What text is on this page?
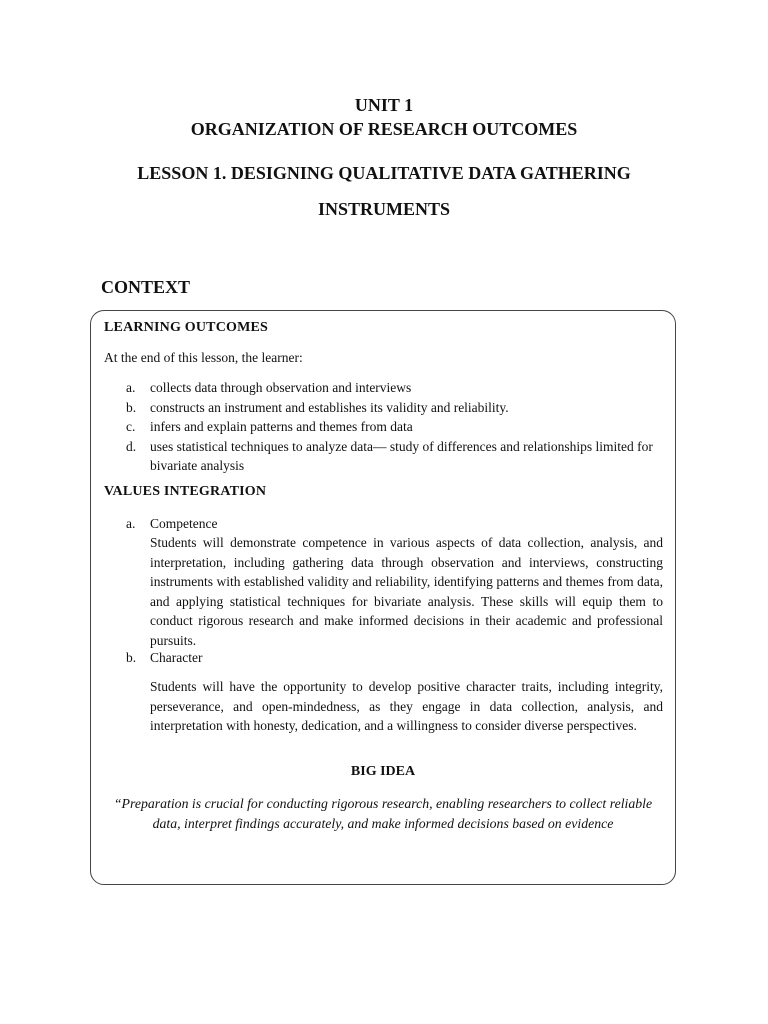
UNIT 1
ORGANIZATION OF RESEARCH OUTCOMES
LESSON 1. DESIGNING QUALITATIVE DATA GATHERING
INSTRUMENTS
CONTEXT
LEARNING OUTCOMES

At the end of this lesson, the learner:

a.	collects data through observation and interviews
b.	constructs an instrument and establishes its validity and reliability.
c.	infers and explain patterns and themes from data
d.	uses statistical techniques to analyze data— study of differences and relationships limited for bivariate analysis
VALUES INTEGRATION
a. Competence

Students will demonstrate competence in various aspects of data collection, analysis, and interpretation, including gathering data through observation and interviews, constructing instruments with established validity and reliability, identifying patterns and themes from data, and applying statistical techniques for bivariate analysis. These skills will equip them to conduct rigorous research and make informed decisions in their academic and professional pursuits.

b. Character

Students will have the opportunity to develop positive character traits, including integrity, perseverance, and open-mindedness, as they engage in data collection, analysis, and interpretation with honesty, dedication, and a willingness to consider diverse perspectives.

BIG IDEA

“Preparation is crucial for conducting rigorous research, enabling researchers to collect reliable data, interpret findings accurately, and make informed decisions based on evidence
